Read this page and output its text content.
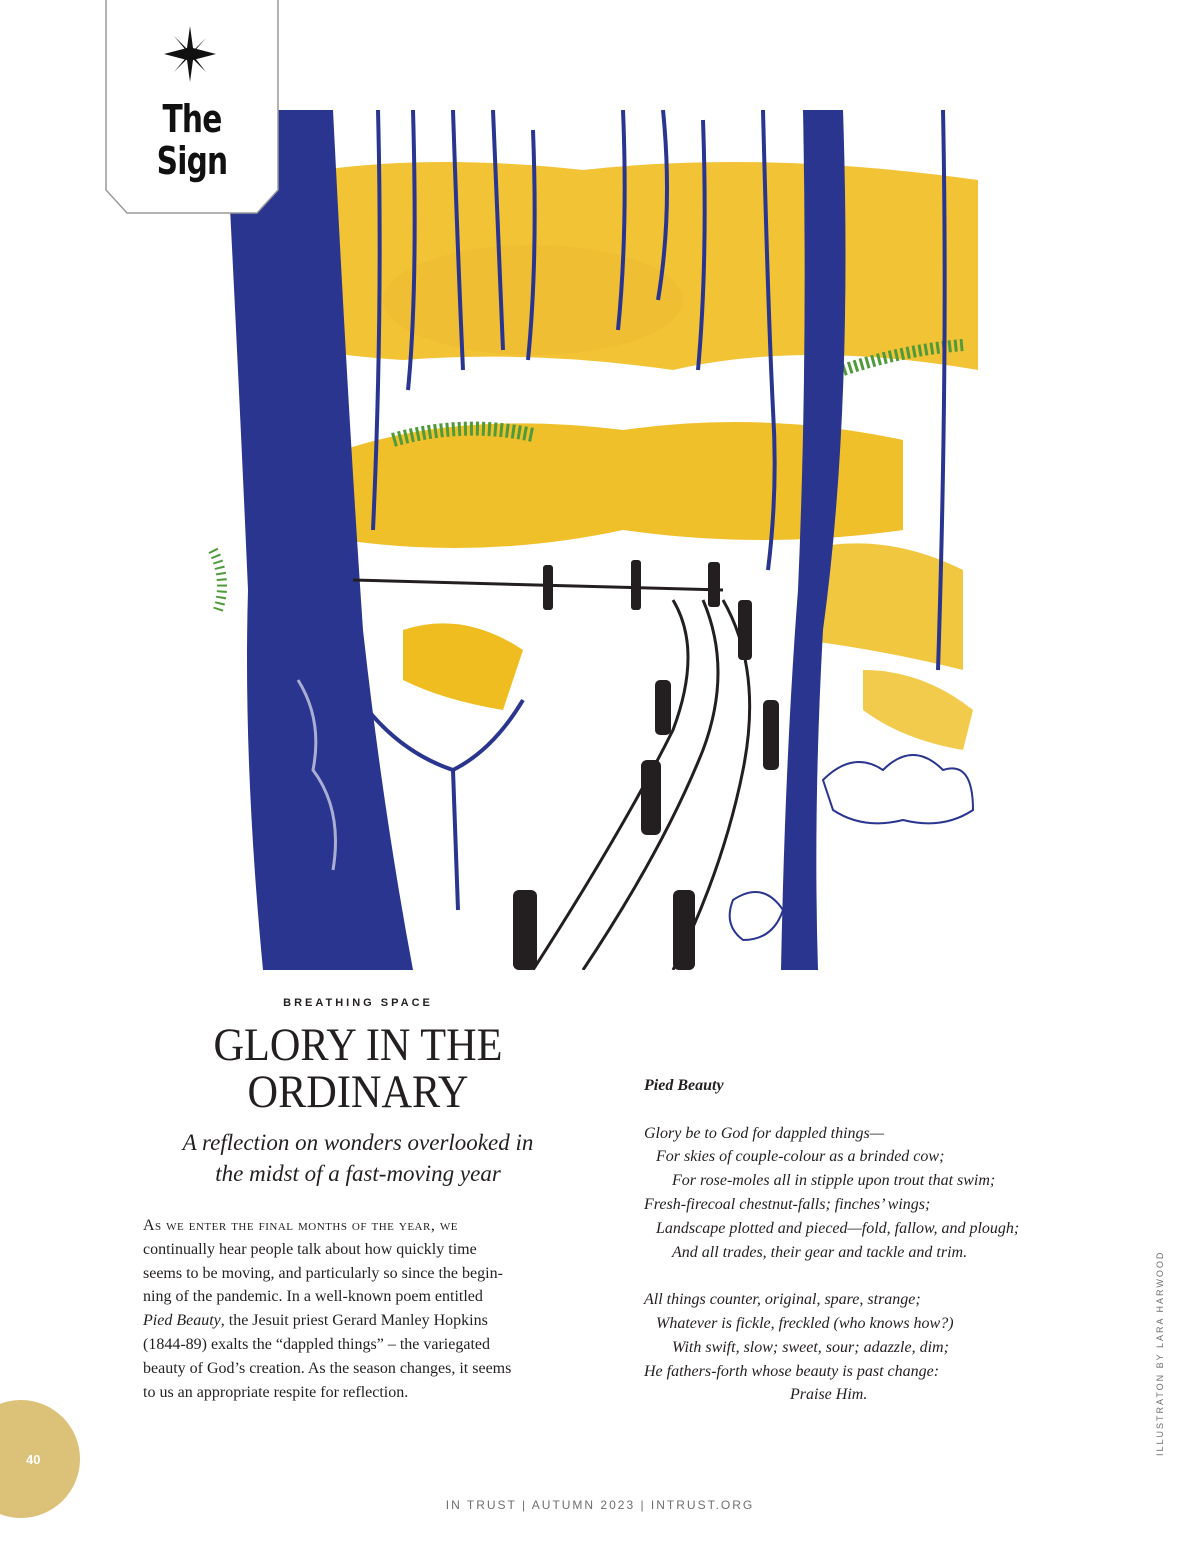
The
Sign
BREATHING SPACE
GLORY IN THE
ORDINARY
A reflection on wonders overlooked in
the midst of a fast-moving year
As we enter the final months of the year, we
continually hear people talk about how quickly time
seems to be moving, and particularly so since the begin-
ning of the pandemic. In a well-known poem entitled
Pied Beauty, the Jesuit priest Gerard Manley Hopkins
(1844-89) exalts the “dappled things” – the variegated
beauty of God’s creation. As the season changes, it seems
to us an appropriate respite for reflection.
Pied Beauty
Glory be to God for dappled things—
For skies of couple-colour as a brinded cow;
For rose-moles all in stipple upon trout that swim;
Fresh-firecoal chestnut-falls; finches’ wings;
Landscape plotted and pieced—fold, fallow, and plough;
And all trades, their gear and tackle and trim.
All things counter, original, spare, strange;
Whatever is fickle, freckled (who knows how?)
With swift, slow; sweet, sour; adazzle, dim;
He fathers-forth whose beauty is past change:
Praise Him.
40
ILLUSTRATON BY LARA HARWOOD
IN TRUST | AUTUMN 2023 | INTRUST.ORG
